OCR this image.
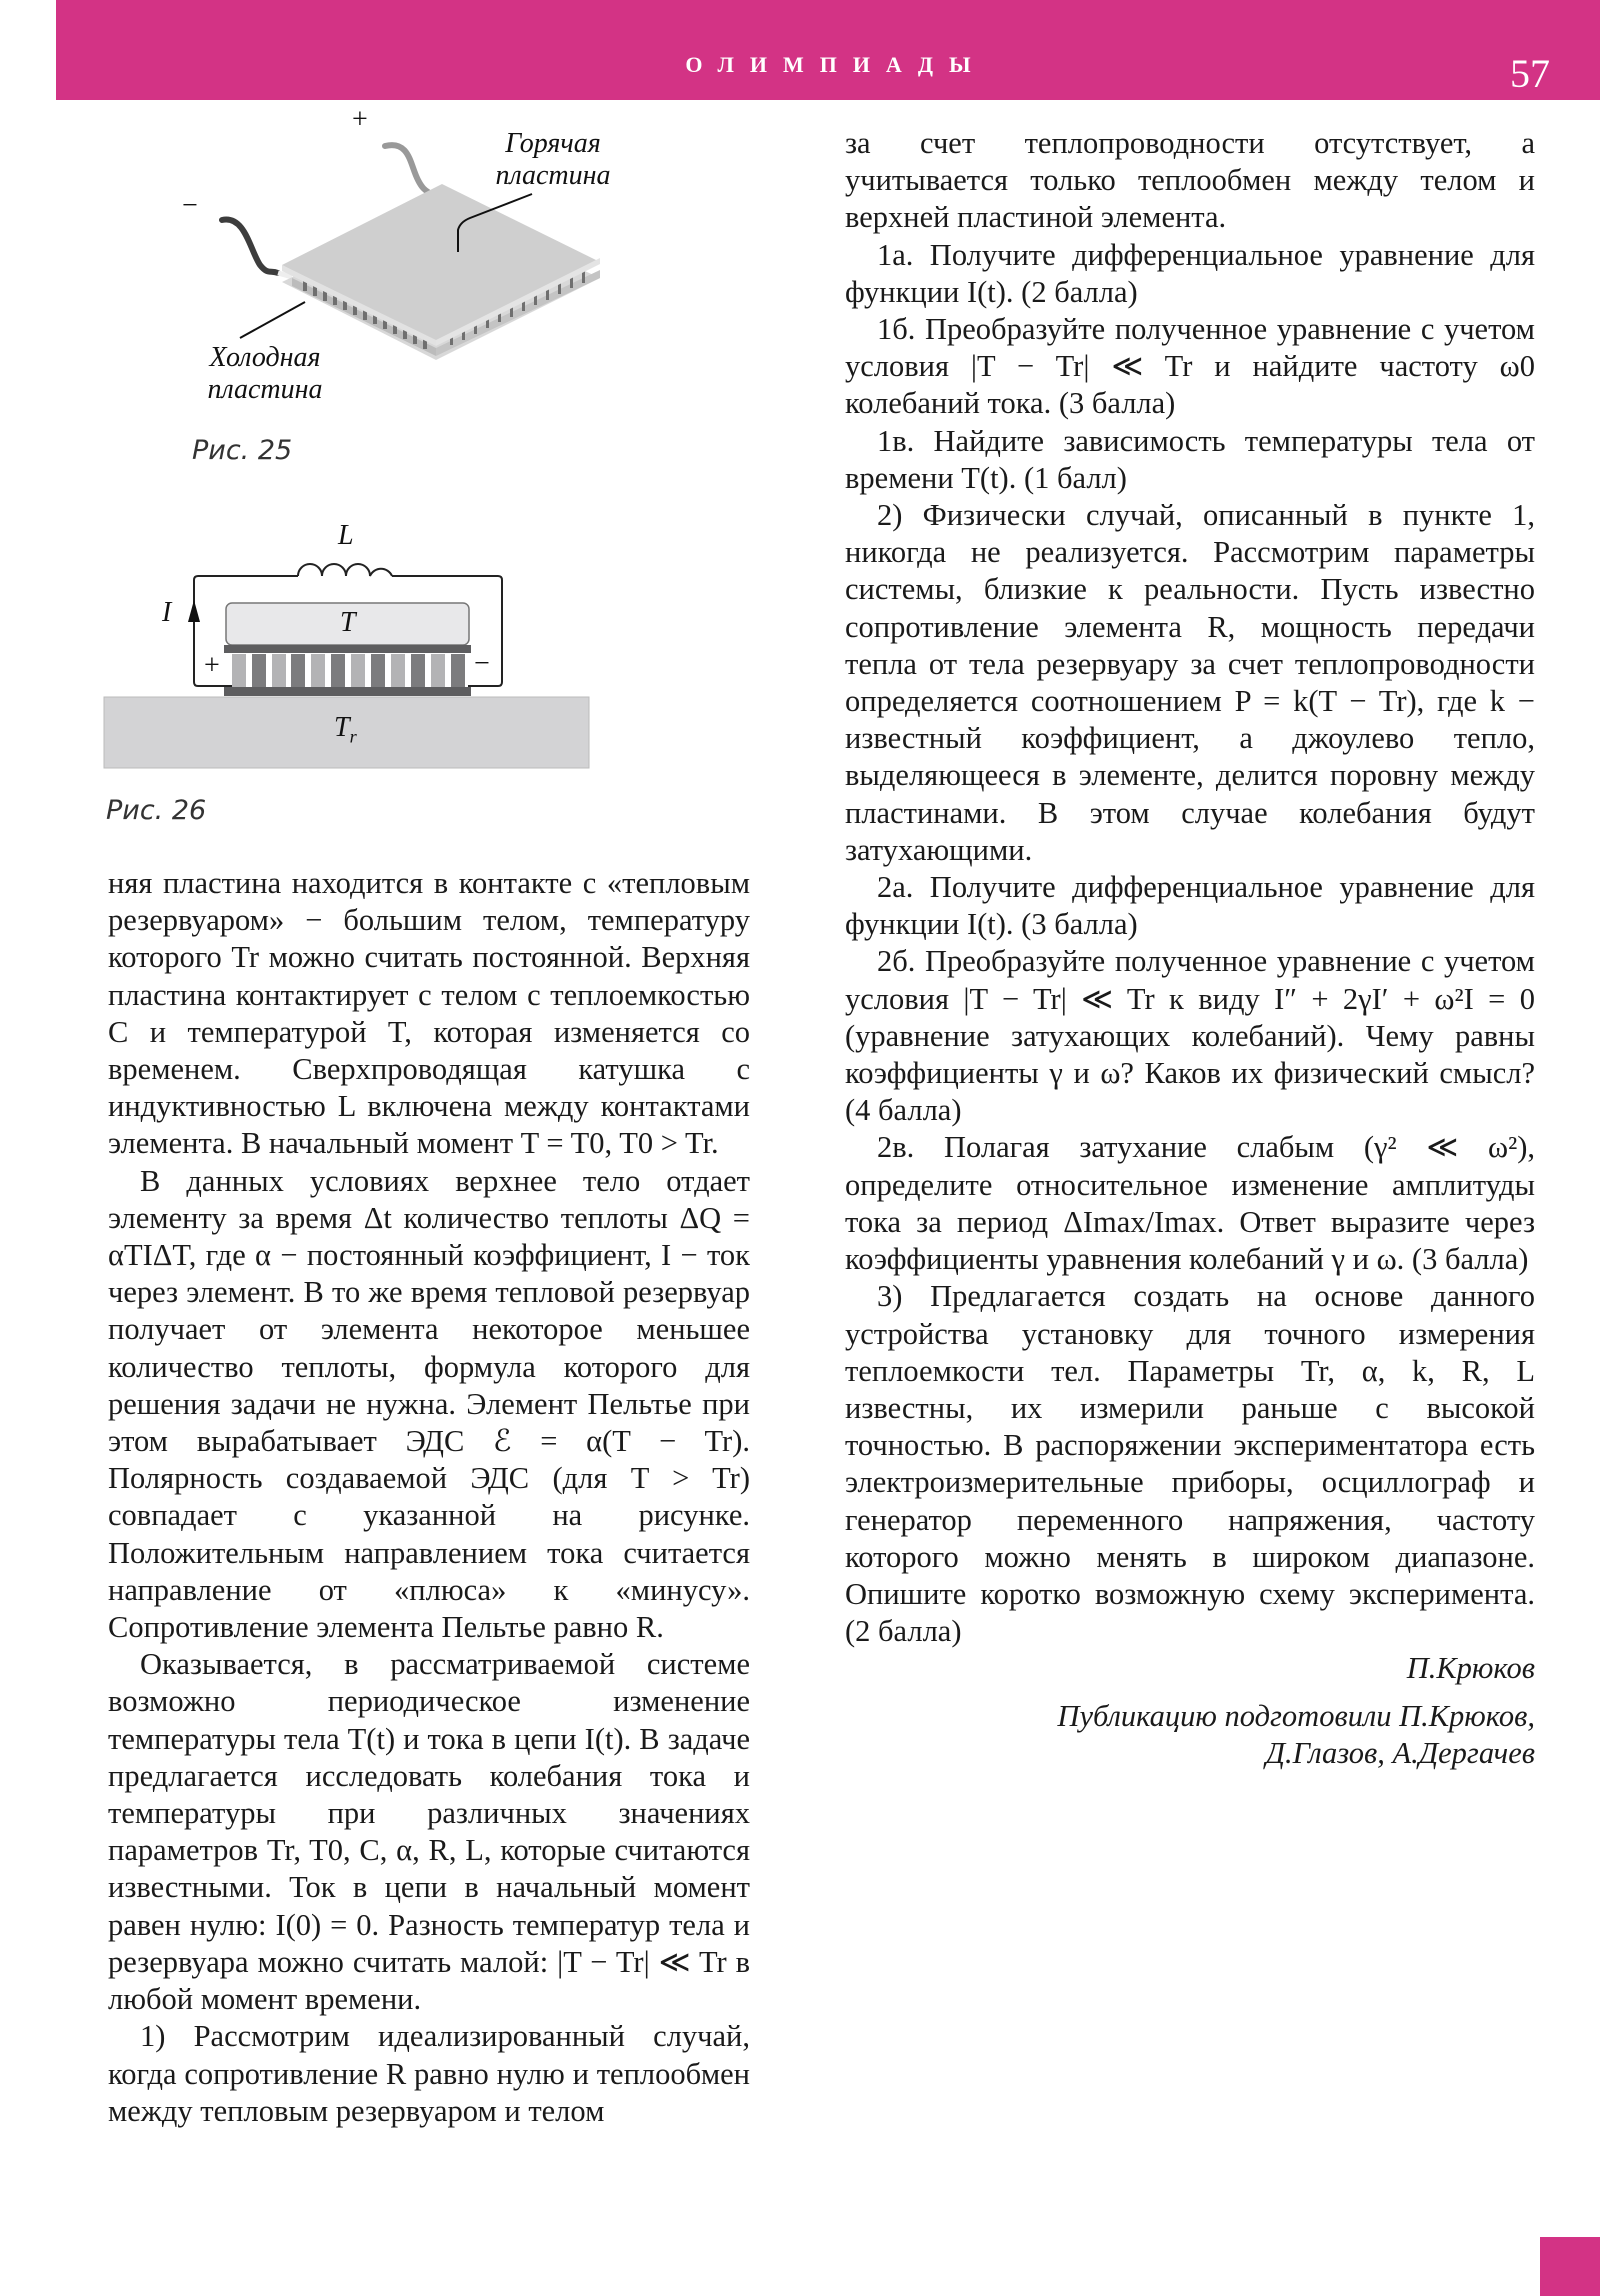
ОЛИМПИАДЫ	57
+
−
Горячая пластина
Холодная пластина
Рис. 25
L
I	T
+	−
$T_r$
Рис. 26

няя пластина находится в контакте с «тепловым резервуаром» − большим телом, температуру которого Tr можно считать постоянной. Верхняя пластина контактирует с телом с теплоемкостью C и температурой T, которая изменяется со временем. Сверхпроводящая катушка с индуктивностью L включена между контактами элемента. В начальный момент T = T0, T0 > Tr.

В данных условиях верхнее тело отдает элементу за время Δt количество теплоты ΔQ = αTIΔT, где α − постоянный коэффициент, I − ток через элемент. В то же время тепловой резервуар получает от элемента некоторое меньшее количество теплоты, формула которого для решения задачи не нужна. Элемент Пельтье при этом вырабатывает ЭДС ℰ = α(T − Tr). Полярность создаваемой ЭДС (для T > Tr) совпадает с указанной на рисунке. Положительным направлением тока считается направление от «плюса» к «минусу». Сопротивление элемента Пельтье равно R.

Оказывается, в рассматриваемой системе возможно периодическое изменение температуры тела T(t) и тока в цепи I(t). В задаче предлагается исследовать колебания тока и температуры при различных значениях параметров Tr, T0, C, α, R, L, которые считаются известными. Ток в цепи в начальный момент равен нулю: I(0) = 0. Разность температур тела и резервуара можно считать малой: |T − Tr| ≪ Tr в любой момент времени.

1) Рассмотрим идеализированный случай, когда сопротивление R равно нулю и теплообмен между тепловым резервуаром и телом

за счет теплопроводности отсутствует, а учитывается только теплообмен между телом и верхней пластиной элемента.

1а. Получите дифференциальное уравнение для функции I(t). (2 балла)

1б. Преобразуйте полученное уравнение с учетом условия |T − Tr| ≪ Tr и найдите частоту ω0 колебаний тока. (3 балла)

1в. Найдите зависимость температуры тела от времени T(t). (1 балл)

2) Физически случай, описанный в пункте 1, никогда не реализуется. Рассмотрим параметры системы, близкие к реальности. Пусть известно сопротивление элемента R, мощность передачи тепла от тела резервуару за счет теплопроводности определяется соотношением P = k(T − Tr), где k − известный коэффициент, а джоулево тепло, выделяющееся в элементе, делится поровну между пластинами. В этом случае колебания будут затухающими.

2а. Получите дифференциальное уравнение для функции I(t). (3 балла)

2б. Преобразуйте полученное уравнение с учетом условия |T − Tr| ≪ Tr к виду I″ + 2γI′ + ω²I = 0 (уравнение затухающих колебаний). Чему равны коэффициенты γ и ω? Каков их физический смысл? (4 балла)

2в. Полагая затухание слабым (γ² ≪ ω²), определите относительное изменение амплитуды тока за период ΔImax/Imax. Ответ выразите через коэффициенты уравнения колебаний γ и ω. (3 балла)

3) Предлагается создать на основе данного устройства установку для точного измерения теплоемкости тел. Параметры Tr, α, k, R, L известны, их измерили раньше с высокой точностью. В распоряжении экспериментатора есть электроизмерительные приборы, осциллограф и генератор переменного напряжения, частоту которого можно менять в широком диапазоне. Опишите коротко возможную схему эксперимента. (2 балла)

П.Крюков

Публикацию подготовили П.Крюков,

Д.Глазов, А.Дергачев
